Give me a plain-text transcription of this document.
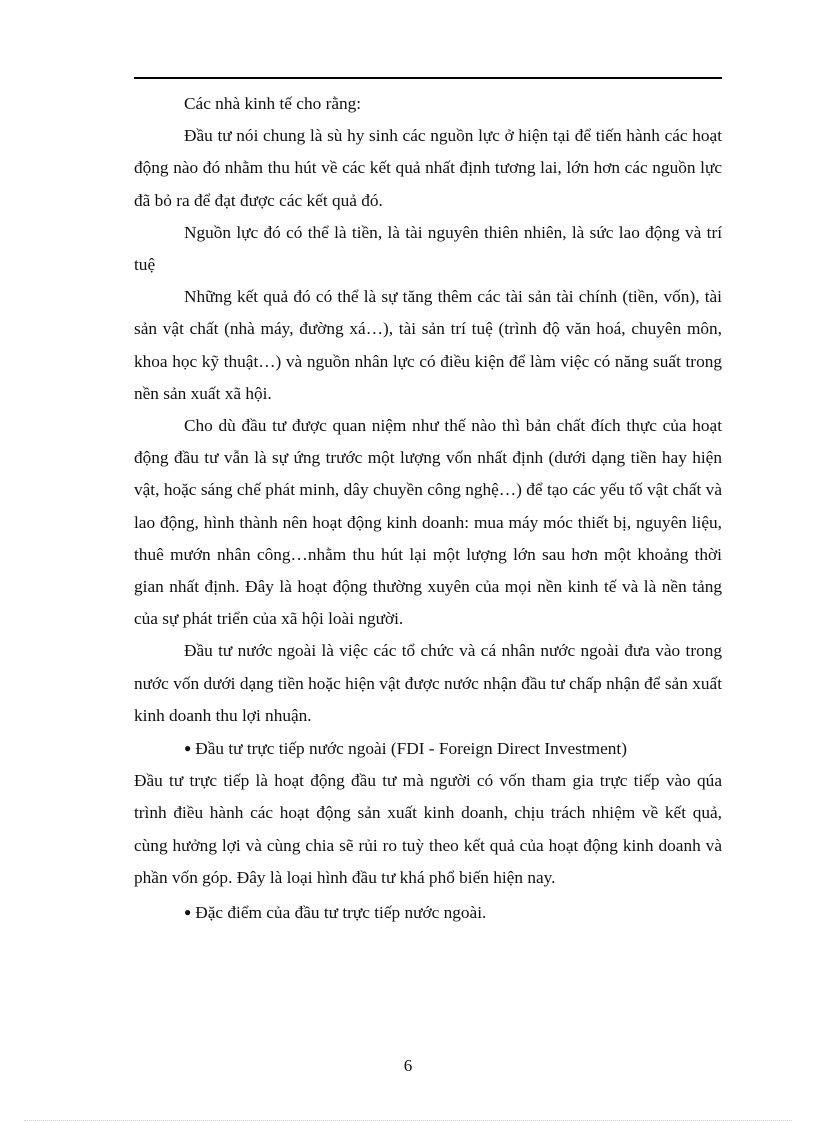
Các nhà kinh tế cho rằng:

Đầu tư nói chung là sù hy sinh các nguồn lực ở hiện tại để tiến hành các hoạt động nào đó nhằm thu hút về các kết quả nhất định tương lai, lớn hơn các nguồn lực đã bỏ ra để đạt được các kết quả đó.

Nguồn lực đó có thể là tiền, là tài nguyên thiên nhiên, là sức lao động và trí tuệ

Những kết quả đó có thể là sự tăng thêm các tài sản tài chính (tiền, vốn), tài sản vật chất (nhà máy, đường xá…), tài sản trí tuệ (trình độ văn hoá, chuyên môn, khoa học kỹ thuật…) và nguồn nhân lực có điều kiện để làm việc có năng suất trong nền sản xuất xã hội.

Cho dù đầu tư được quan niệm như thế nào thì bản chất đích thực của hoạt động đầu tư vẫn là sự ứng trước một lượng vốn nhất định (dưới dạng tiền hay hiện vật, hoặc sáng chế phát minh, dây chuyền công nghệ…) để tạo các yếu tố vật chất và lao động, hình thành nên hoạt động kinh doanh: mua máy móc thiết bị, nguyên liệu, thuê mướn nhân công…nhằm thu hút lại một lượng lớn sau hơn một khoảng thời gian nhất định. Đây là hoạt động thường xuyên của mọi nền kinh tế và là nền tảng của sự phát triển của xã hội loài người.

Đầu tư nước ngoài là việc các tổ chức và cá nhân nước ngoài đưa vào trong nước vốn dưới dạng tiền hoặc hiện vật được nước nhận đầu tư chấp nhận để sản xuất kinh doanh thu lợi nhuận.

● Đầu tư trực tiếp nước ngoài (FDI - Foreign Direct Investment)

Đầu tư trực tiếp là hoạt động đầu tư mà người có vốn tham gia trực tiếp vào qúa trình điều hành các hoạt động sản xuất kinh doanh, chịu trách nhiệm về kết quả, cùng hưởng lợi và cùng chia sẽ rủi ro tuỳ theo kết quả của hoạt động kinh doanh và phần vốn góp. Đây là loại hình đầu tư khá phổ biến hiện nay.

● Đặc điểm của đầu tư trực tiếp nước ngoài.

6
